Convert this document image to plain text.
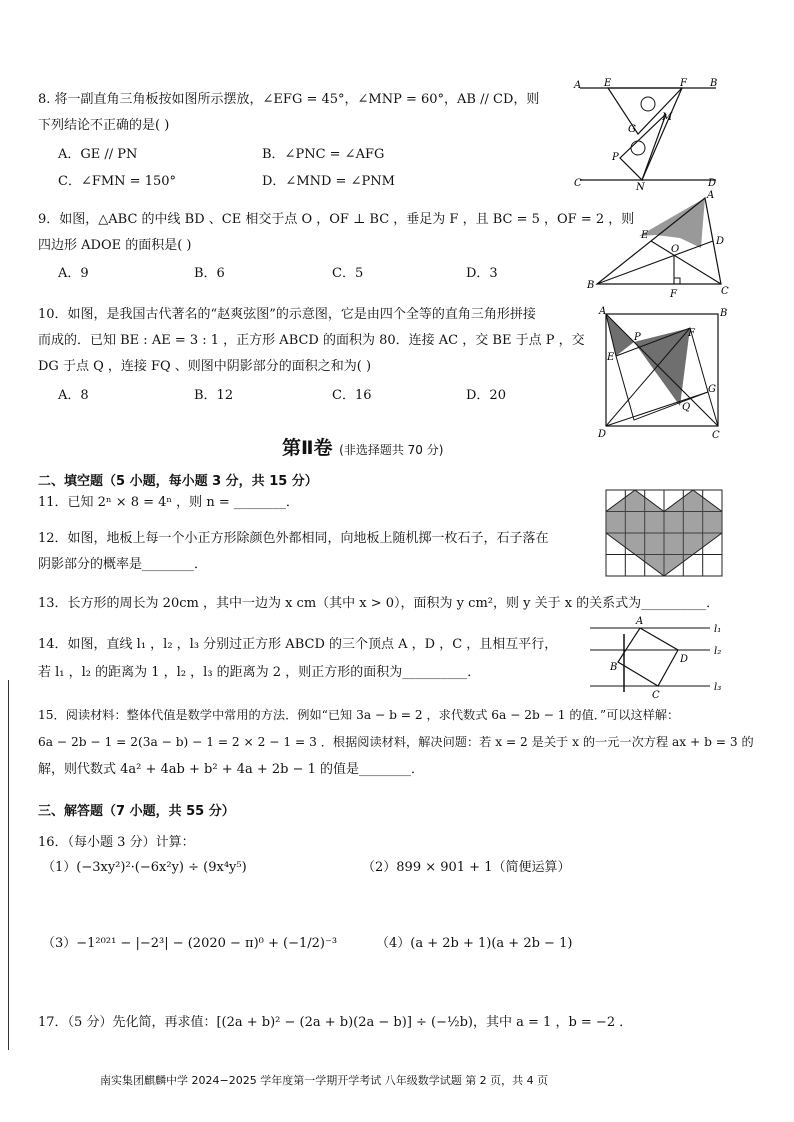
8. 将一副直角三角板按如图所示摆放，∠EFG = 45°，∠MNP = 60°，AB // CD，则
下列结论不正确的是( )
A．GE // PN	B．∠PNC = ∠AFG
C．∠FMN = 150°	D．∠MND = ∠PNM
A E	F B
M
G
P
C	N	D
9．如图，△ABC 的中线 BD 、CE 相交于点 O ，OF ⊥ BC ，垂足为 F ，且 BC = 5 ，OF = 2 ，则
四边形 ADOE 的面积是( )
A．9	B．6	C．5	D．3
A
E
O
D
B
F	C
10．如图，是我国古代著名的“赵爽弦图”的示意图，它是由四个全等的直角三角形拼接
而成的．已知 BE : AE = 3 : 1 ，正方形 ABCD 的面积为 80．连接 AC ，交 BE 于点 P ，交
DG 于点 Q ，连接 FQ 、则图中阴影部分的面积之和为( )
A．8	B．12	C．16	D．20
A	B
P	F
E
G
Q
D	C
第Ⅱ卷 (非选择题共 70 分)
二、填空题（5 小题，每小题 3 分，共 15 分）
11．已知 2ⁿ × 8 = 4ⁿ ，则 n = ________．
12．如图，地板上每一个小正方形除颜色外都相同，向地板上随机掷一枚石子，石子落在
阴影部分的概率是________．
13．长方形的周长为 20cm ，其中一边为 x cm（其中 x > 0），面积为 y cm²，则 y 关于 x 的关系式为__________．
14．如图，直线 l₁ ，l₂ ，l₃ 分别过正方形 ABCD 的三个顶点 A ，D ，C ，且相互平行，
若 l₁ ，l₂ 的距离为 1 ，l₂ ，l₃ 的距离为 2 ，则正方形的面积为__________．
A
l₁
l₂
B
D
C
l₃
15．阅读材料：整体代值是数学中常用的方法．例如“已知 3a − b = 2 ，求代数式 6a − 2b − 1 的值．”可以这样解：
6a − 2b − 1 = 2(3a − b) − 1 = 2 × 2 − 1 = 3 ．根据阅读材料，解决问题：若 x = 2 是关于 x 的一元一次方程 ax + b = 3 的
解，则代数式 4a² + 4ab + b² + 4a + 2b − 1 的值是________．
三、解答题（7 小题，共 55 分）
16．（每小题 3 分）计算：
（1）(−3xy²)²·(−6x²y) ÷ (9x⁴y⁵)	（2）899 × 901 + 1（简便运算）
（3）−1²⁰²¹ − |−2³| − (2020 − π)⁰ + (−1/2)⁻³	（4）(a + 2b + 1)(a + 2b − 1)
17．（5 分）先化简，再求值：[(2a + b)² − (2a + b)(2a − b)] ÷ (−½b)，其中 a = 1 ，b = −2 ．
南实集团麒麟中学 2024−2025 学年度第一学期开学考试 八年级数学试题 第 2 页，共 4 页
